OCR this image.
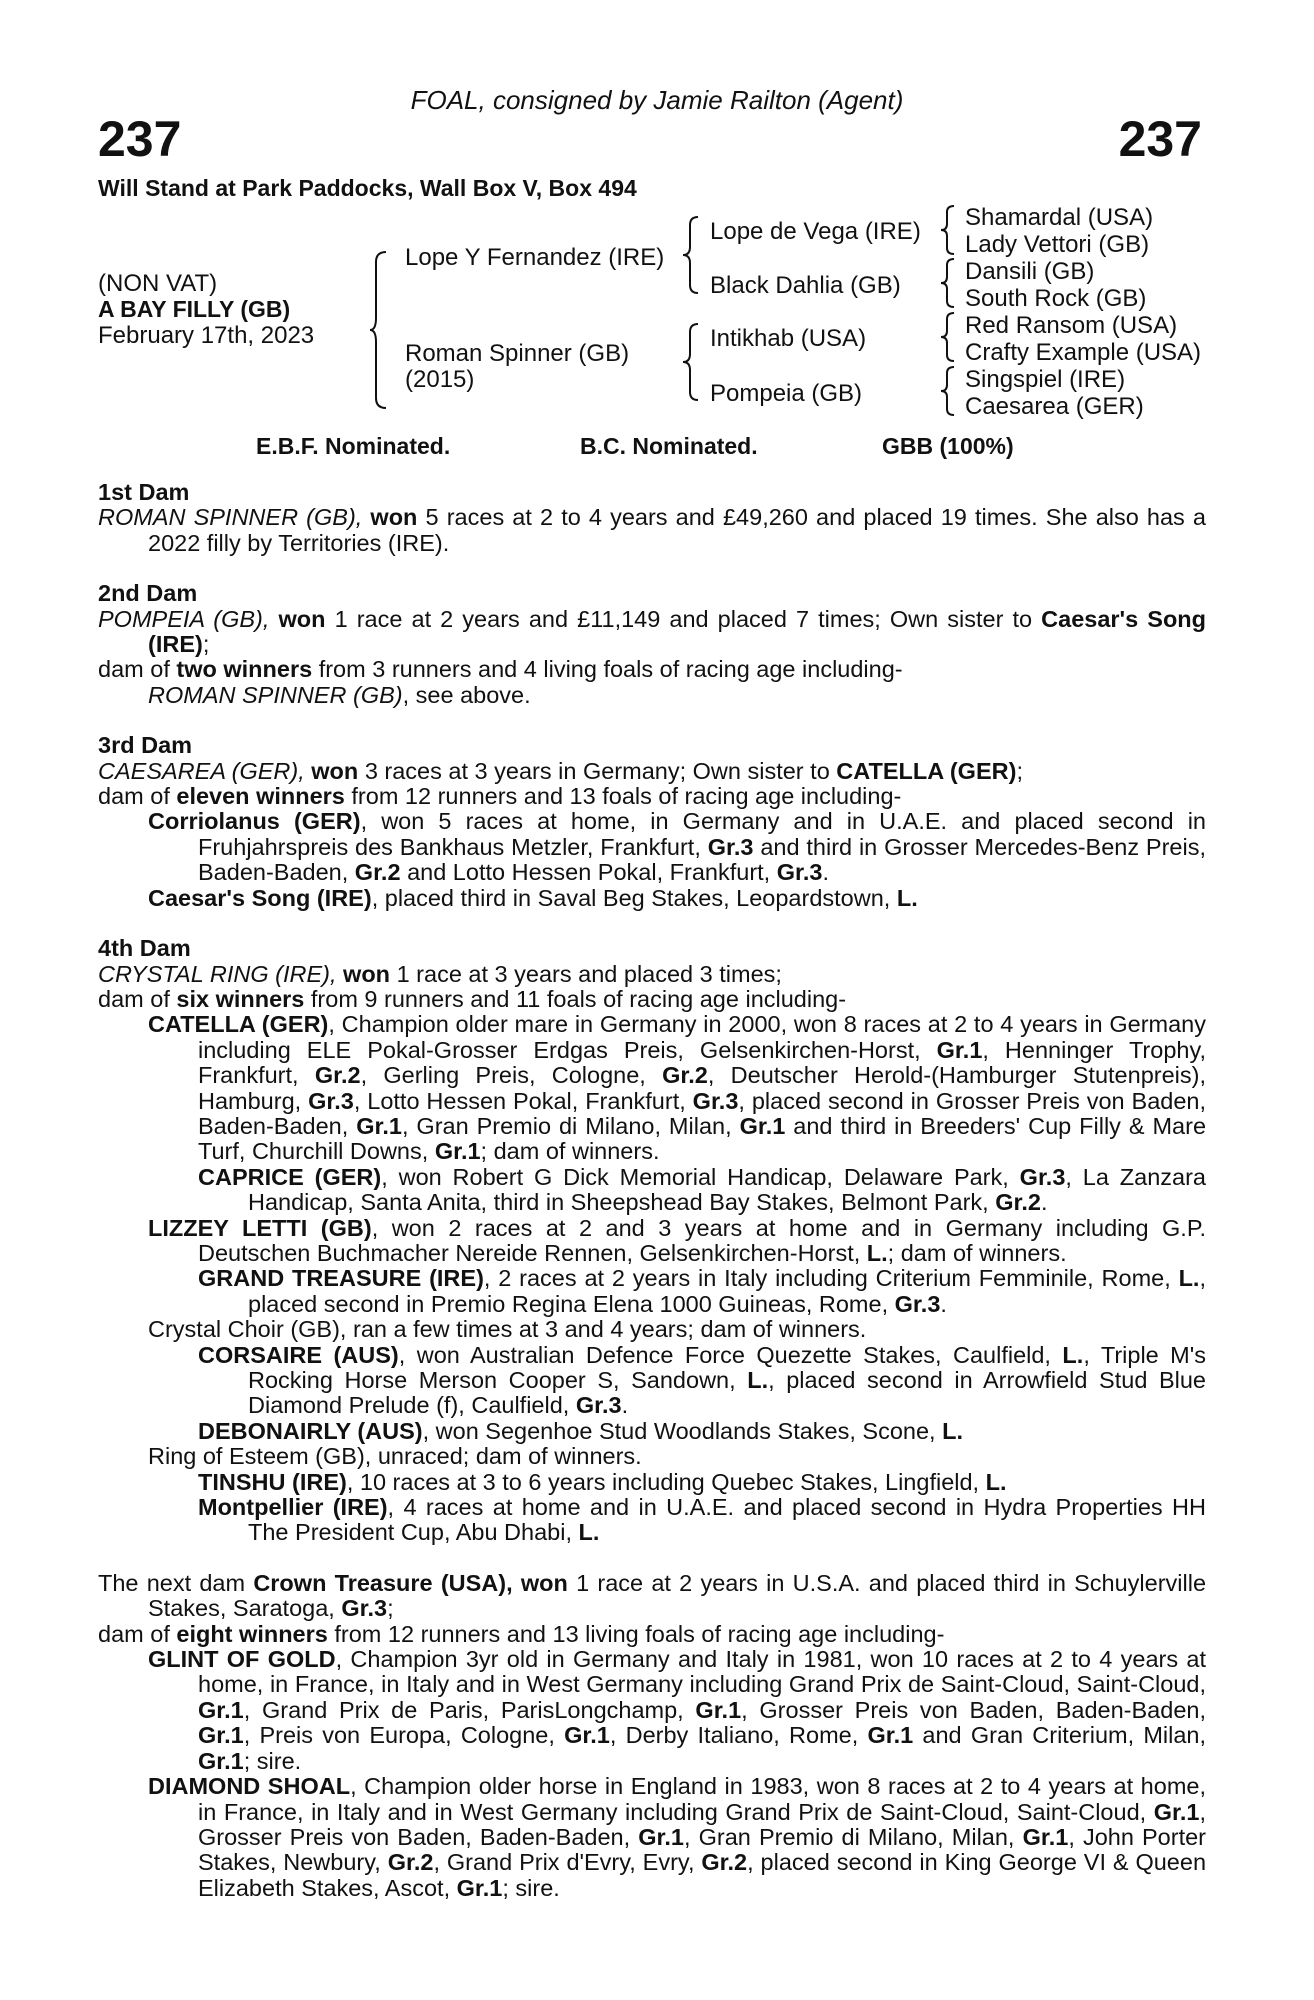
FOAL, consigned by Jamie Railton (Agent)
237	237
Will Stand at Park Paddocks, Wall Box V, Box 494
(NON VAT)
A BAY FILLY (GB)
February 17th, 2023
Lope Y Fernandez (IRE)
Roman Spinner (GB)
(2015)
Lope de Vega (IRE)
Black Dahlia (GB)
Intikhab (USA)
Pompeia (GB)
Shamardal (USA)
Lady Vettori (GB)
Dansili (GB)
South Rock (GB)
Red Ransom (USA)
Crafty Example (USA)
Singspiel (IRE)
Caesarea (GER)
E.B.F. Nominated.	B.C. Nominated.	GBB (100%)
1st Dam
ROMAN SPINNER (GB), won 5 races at 2 to 4 years and £49,260 and placed 19 times. She also has a 2022 filly by Territories (IRE).
2nd Dam
POMPEIA (GB), won 1 race at 2 years and £11,149 and placed 7 times; Own sister to Caesar's Song (IRE);
dam of two winners from 3 runners and 4 living foals of racing age including-
ROMAN SPINNER (GB), see above.
3rd Dam
CAESAREA (GER), won 3 races at 3 years in Germany; Own sister to CATELLA (GER);
dam of eleven winners from 12 runners and 13 foals of racing age including-
Corriolanus (GER), won 5 races at home, in Germany and in U.A.E. and placed second in Fruhjahrspreis des Bankhaus Metzler, Frankfurt, Gr.3 and third in Grosser Mercedes-Benz Preis, Baden-Baden, Gr.2 and Lotto Hessen Pokal, Frankfurt, Gr.3.
Caesar's Song (IRE), placed third in Saval Beg Stakes, Leopardstown, L.
4th Dam
CRYSTAL RING (IRE), won 1 race at 3 years and placed 3 times;
dam of six winners from 9 runners and 11 foals of racing age including-
CATELLA (GER), Champion older mare in Germany in 2000, won 8 races at 2 to 4 years in Germany including ELE Pokal-Grosser Erdgas Preis, Gelsenkirchen-Horst, Gr.1, Henninger Trophy, Frankfurt, Gr.2, Gerling Preis, Cologne, Gr.2, Deutscher Herold-(Hamburger Stutenpreis), Hamburg, Gr.3, Lotto Hessen Pokal, Frankfurt, Gr.3, placed second in Grosser Preis von Baden, Baden-Baden, Gr.1, Gran Premio di Milano, Milan, Gr.1 and third in Breeders' Cup Filly & Mare Turf, Churchill Downs, Gr.1; dam of winners.
CAPRICE (GER), won Robert G Dick Memorial Handicap, Delaware Park, Gr.3, La Zanzara Handicap, Santa Anita, third in Sheepshead Bay Stakes, Belmont Park, Gr.2.
LIZZEY LETTI (GB), won 2 races at 2 and 3 years at home and in Germany including G.P. Deutschen Buchmacher Nereide Rennen, Gelsenkirchen-Horst, L.; dam of winners.
GRAND TREASURE (IRE), 2 races at 2 years in Italy including Criterium Femminile, Rome, L., placed second in Premio Regina Elena 1000 Guineas, Rome, Gr.3.
Crystal Choir (GB), ran a few times at 3 and 4 years; dam of winners.
CORSAIRE (AUS), won Australian Defence Force Quezette Stakes, Caulfield, L., Triple M's Rocking Horse Merson Cooper S, Sandown, L., placed second in Arrowfield Stud Blue Diamond Prelude (f), Caulfield, Gr.3.
DEBONAIRLY (AUS), won Segenhoe Stud Woodlands Stakes, Scone, L.
Ring of Esteem (GB), unraced; dam of winners.
TINSHU (IRE), 10 races at 3 to 6 years including Quebec Stakes, Lingfield, L.
Montpellier (IRE), 4 races at home and in U.A.E. and placed second in Hydra Properties HH The President Cup, Abu Dhabi, L.
The next dam Crown Treasure (USA), won 1 race at 2 years in U.S.A. and placed third in Schuylerville Stakes, Saratoga, Gr.3;
dam of eight winners from 12 runners and 13 living foals of racing age including-
GLINT OF GOLD, Champion 3yr old in Germany and Italy in 1981, won 10 races at 2 to 4 years at home, in France, in Italy and in West Germany including Grand Prix de Saint-Cloud, Saint-Cloud, Gr.1, Grand Prix de Paris, ParisLongchamp, Gr.1, Grosser Preis von Baden, Baden-Baden, Gr.1, Preis von Europa, Cologne, Gr.1, Derby Italiano, Rome, Gr.1 and Gran Criterium, Milan, Gr.1; sire.
DIAMOND SHOAL, Champion older horse in England in 1983, won 8 races at 2 to 4 years at home, in France, in Italy and in West Germany including Grand Prix de Saint-Cloud, Saint-Cloud, Gr.1, Grosser Preis von Baden, Baden-Baden, Gr.1, Gran Premio di Milano, Milan, Gr.1, John Porter Stakes, Newbury, Gr.2, Grand Prix d'Evry, Evry, Gr.2, placed second in King George VI & Queen Elizabeth Stakes, Ascot, Gr.1; sire.
